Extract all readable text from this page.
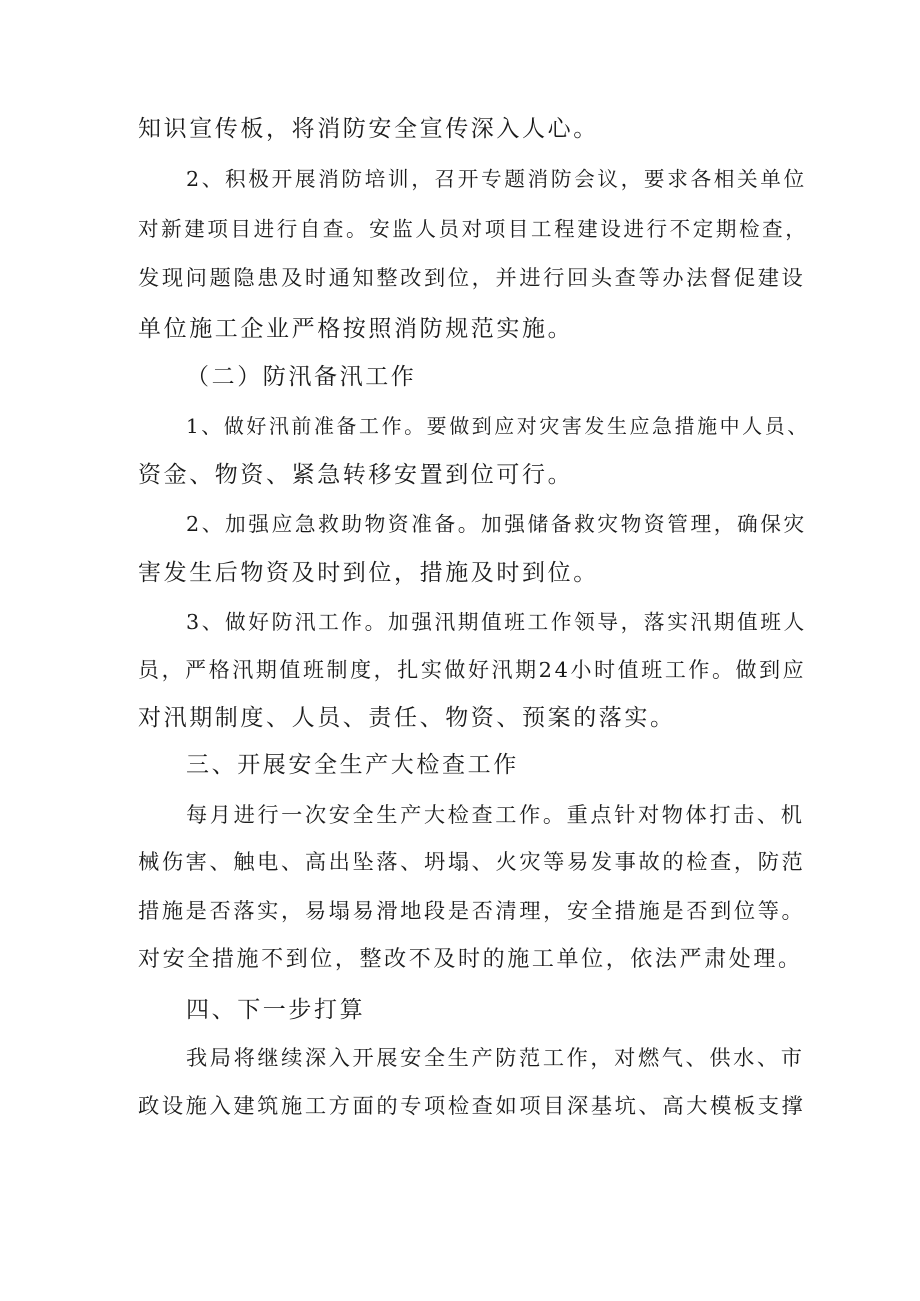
知识宣传板，将消防安全宣传深入人心。
2、积极开展消防培训，召开专题消防会议，要求各相关单位
对新建项目进行自查。安监人员对项目工程建设进行不定期检查，
发现问题隐患及时通知整改到位，并进行回头查等办法督促建设
单位施工企业严格按照消防规范实施。
（二）防汛备汛工作
1、做好汛前准备工作。要做到应对灾害发生应急措施中人员、
资金、物资、紧急转移安置到位可行。
2、加强应急救助物资准备。加强储备救灾物资管理，确保灾
害发生后物资及时到位，措施及时到位。
3、做好防汛工作。加强汛期值班工作领导，落实汛期值班人
员，严格汛期值班制度，扎实做好汛期24小时值班工作。做到应
对汛期制度、人员、责任、物资、预案的落实。
三、开展安全生产大检查工作
每月进行一次安全生产大检查工作。重点针对物体打击、机
械伤害、触电、高出坠落、坍塌、火灾等易发事故的检查，防范
措施是否落实，易塌易滑地段是否清理，安全措施是否到位等。
对安全措施不到位，整改不及时的施工单位，依法严肃处理。
四、下一步打算
我局将继续深入开展安全生产防范工作，对燃气、供水、市
政设施入建筑施工方面的专项检查如项目深基坑、高大模板支撑
